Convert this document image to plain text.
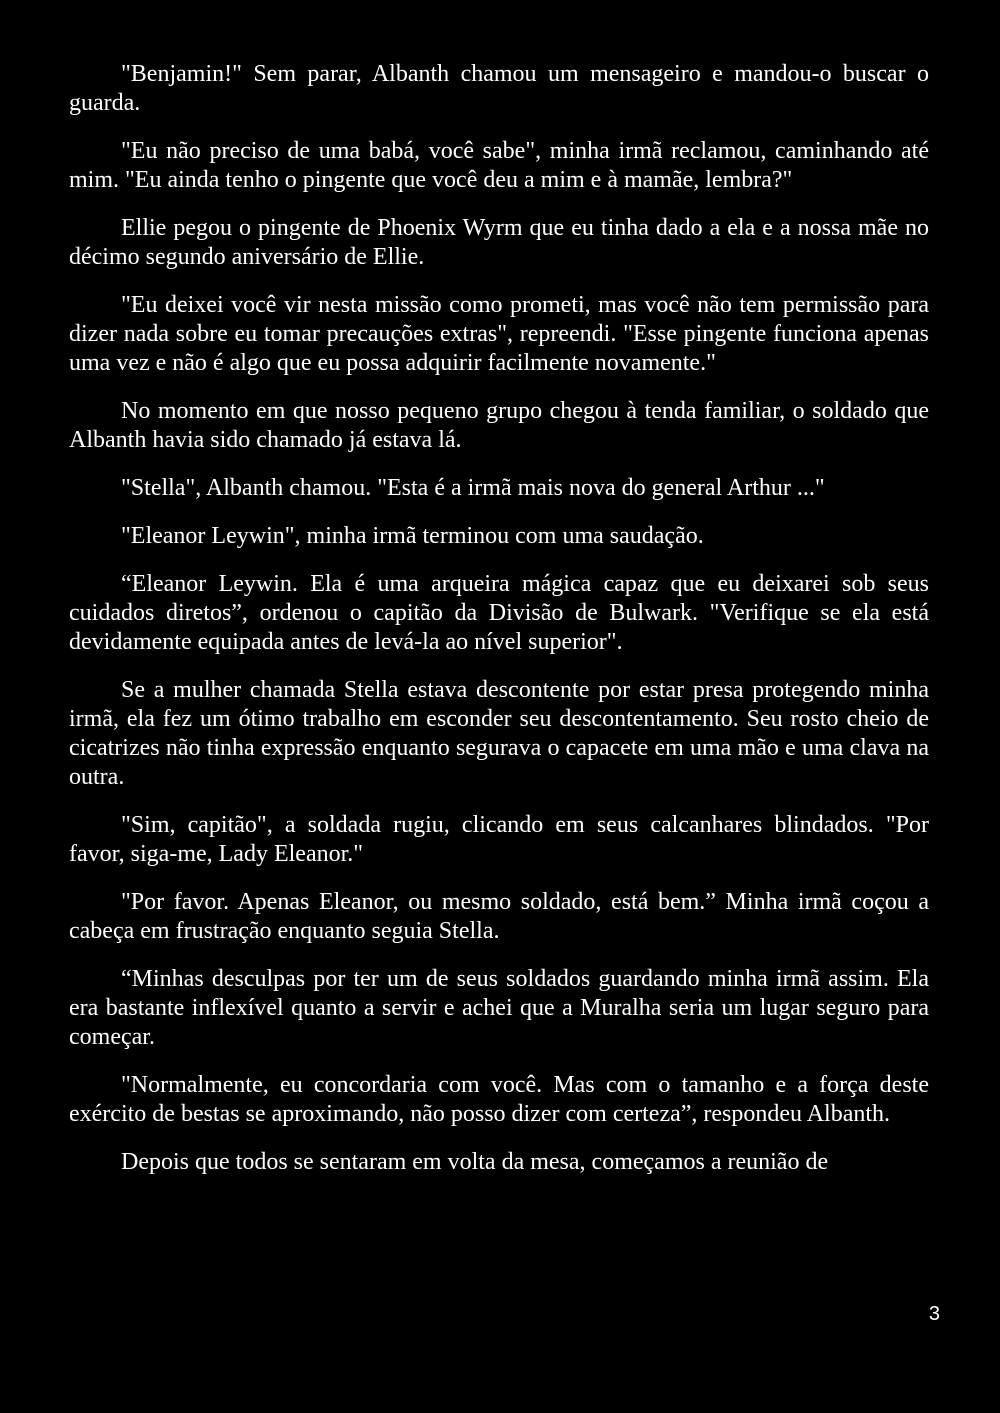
"Benjamin!" Sem parar, Albanth chamou um mensageiro e mandou-o buscar o guarda.

"Eu não preciso de uma babá, você sabe", minha irmã reclamou, caminhando até mim. "Eu ainda tenho o pingente que você deu a mim e à mamãe, lembra?"

Ellie pegou o pingente de Phoenix Wyrm que eu tinha dado a ela e a nossa mãe no décimo segundo aniversário de Ellie.

"Eu deixei você vir nesta missão como prometi, mas você não tem permissão para dizer nada sobre eu tomar precauções extras", repreendi. "Esse pingente funciona apenas uma vez e não é algo que eu possa adquirir facilmente novamente."

No momento em que nosso pequeno grupo chegou à tenda familiar, o soldado que Albanth havia sido chamado já estava lá.

"Stella", Albanth chamou. "Esta é a irmã mais nova do general Arthur ..."

"Eleanor Leywin", minha irmã terminou com uma saudação.

“Eleanor Leywin. Ela é uma arqueira mágica capaz que eu deixarei sob seus cuidados diretos”, ordenou o capitão da Divisão de Bulwark. "Verifique se ela está devidamente equipada antes de levá-la ao nível superior".

Se a mulher chamada Stella estava descontente por estar presa protegendo minha irmã, ela fez um ótimo trabalho em esconder seu descontentamento. Seu rosto cheio de cicatrizes não tinha expressão enquanto segurava o capacete em uma mão e uma clava na outra.

"Sim, capitão", a soldada rugiu, clicando em seus calcanhares blindados. "Por favor, siga-me, Lady Eleanor."

"Por favor. Apenas Eleanor, ou mesmo soldado, está bem.” Minha irmã coçou a cabeça em frustração enquanto seguia Stella.

“Minhas desculpas por ter um de seus soldados guardando minha irmã assim. Ela era bastante inflexível quanto a servir e achei que a Muralha seria um lugar seguro para começar.

"Normalmente, eu concordaria com você. Mas com o tamanho e a força deste exército de bestas se aproximando, não posso dizer com certeza”, respondeu Albanth.

Depois que todos se sentaram em volta da mesa, começamos a reunião de

3
